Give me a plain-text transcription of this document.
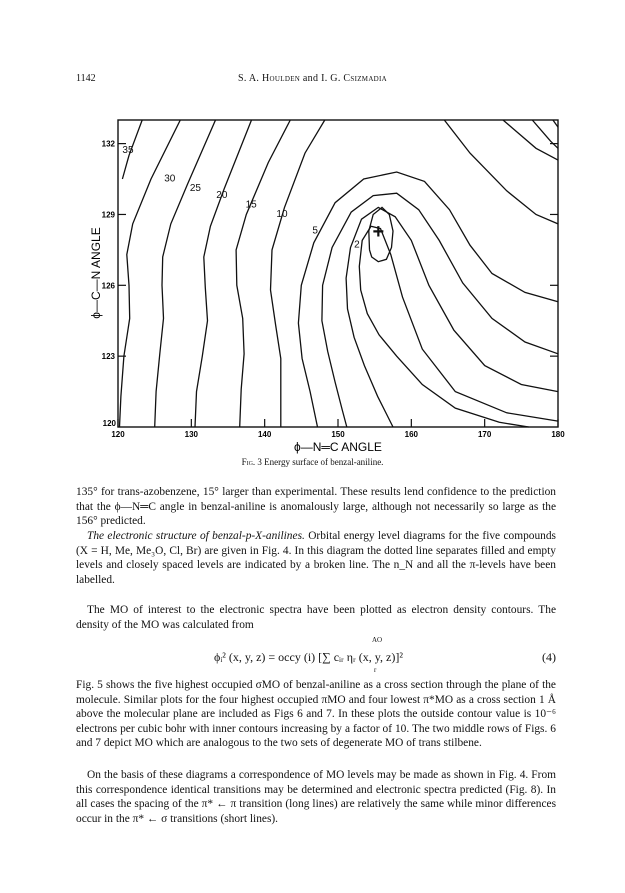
1142	S. A. Houlden and I. G. Csizmadia
120	130	140	150	160	170	180
123
126
129
132
120
ϕ—N═C ANGLE
ϕ—C—N ANGLE
35
30
25
20
15
10
5
2
+
Fig. 3 Energy surface of benzal-aniline.
135° for trans-azobenzene, 15° larger than experimental. These results lend confidence to the prediction that the ϕ—N═C angle in benzal-aniline is anomalously large, although not necessarily so large as the 156° predicted.
The electronic structure of benzal-p-X-anilines. Orbital energy level diagrams for the five compounds (X = H, Me, Me₃O, Cl, Br) are given in Fig. 4. In this diagram the dotted line separates filled and empty levels and closely spaced levels are indicated by a broken line. The n_N and all the π-levels have been labelled.
The MO of interest to the electronic spectra have been plotted as electron density contours. The density of the MO was calculated from
AO
ϕᵢ² (x, y, z) = occy (i) [∑ cᵢᵣ ηᵣ (x, y, z)]²
r
(4)
Fig. 5 shows the five highest occupied σMO of benzal-aniline as a cross section through the plane of the molecule. Similar plots for the four highest occupied πMO and four lowest π*MO as a cross section 1 Å above the molecular plane are included as Figs 6 and 7. In these plots the outside contour value is 10⁻⁶ electrons per cubic bohr with inner contours increasing by a factor of 10. The two middle rows of Figs. 6 and 7 depict MO which are analogous to the two sets of degenerate MO of trans stilbene.
On the basis of these diagrams a correspondence of MO levels may be made as shown in Fig. 4. From this correspondence identical transitions may be determined and electronic spectra predicted (Fig. 8). In all cases the spacing of the π* ← π transition (long lines) are relatively the same while minor differences occur in the π* ← σ transitions (short lines).
